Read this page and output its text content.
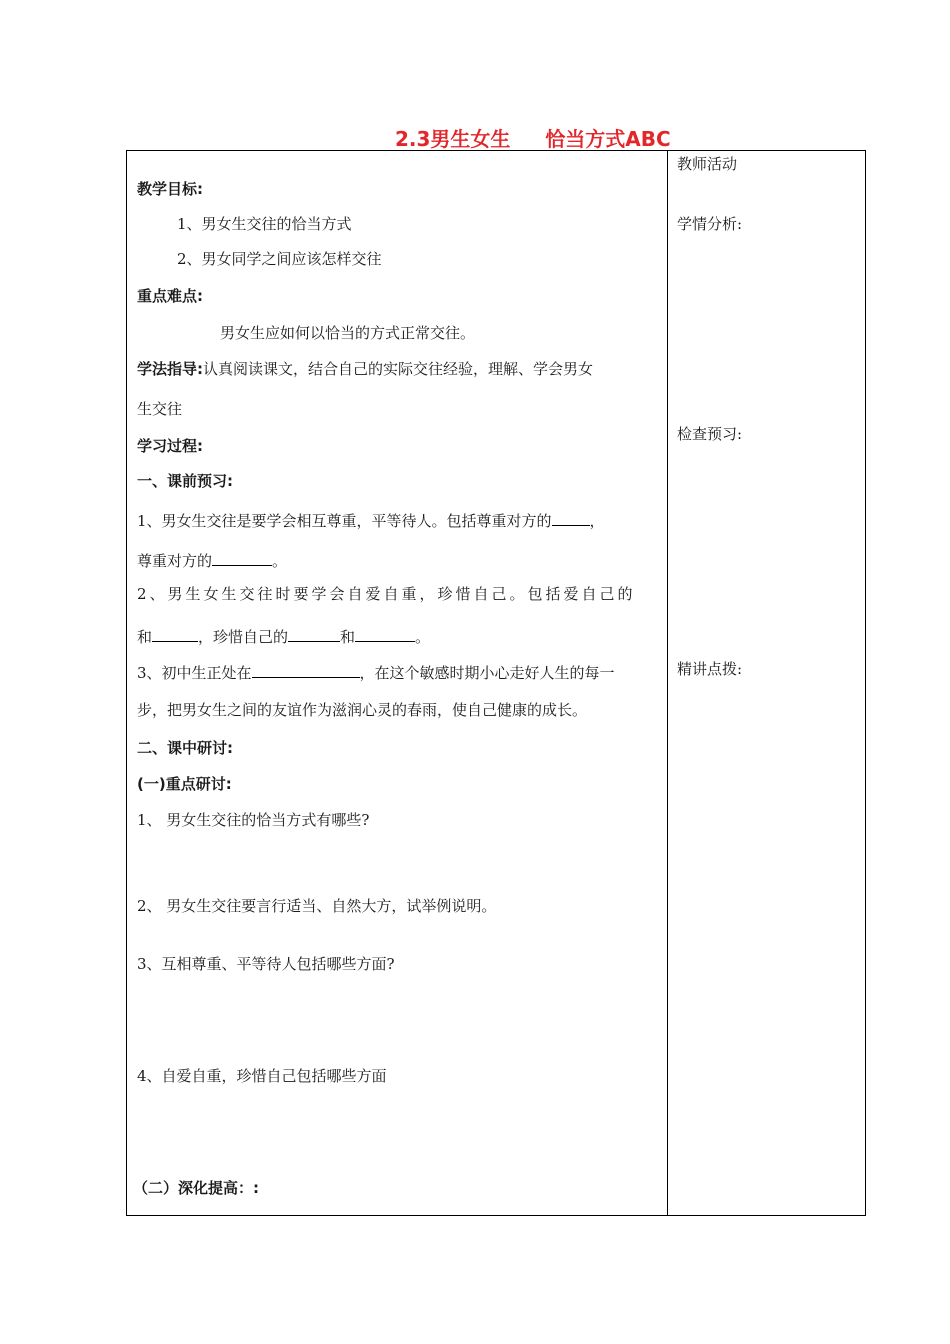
2.3男生女生     恰当方式ABC
教学目标:
1、男女生交往的恰当方式
2、男女同学之间应该怎样交往
重点难点:
男女生应如何以恰当的方式正常交往。
学法指导:认真阅读课文，结合自己的实际交往经验，理解、学会男女
生交往
学习过程:
一、课前预习:
1、男女生交往是要学会相互尊重，平等待人。包括尊重对方的	，
尊重对方的	。
2、男生女生交往时要学会自爱自重，珍惜自己。包括爱自己的
和	，珍惜自己的	和	。
3、初中生正处在	，在这个敏感时期小心走好人生的每一
步，把男女生之间的友谊作为滋润心灵的春雨，使自己健康的成长。
二、课中研讨:
(一)重点研讨:
1、 男女生交往的恰当方式有哪些?
2、 男女生交往要言行适当、自然大方，试举例说明。
3、互相尊重、平等待人包括哪些方面?
4、自爱自重，珍惜自己包括哪些方面
（二）深化提高：:
教师活动
学情分析:
检查预习:
精讲点拨:
